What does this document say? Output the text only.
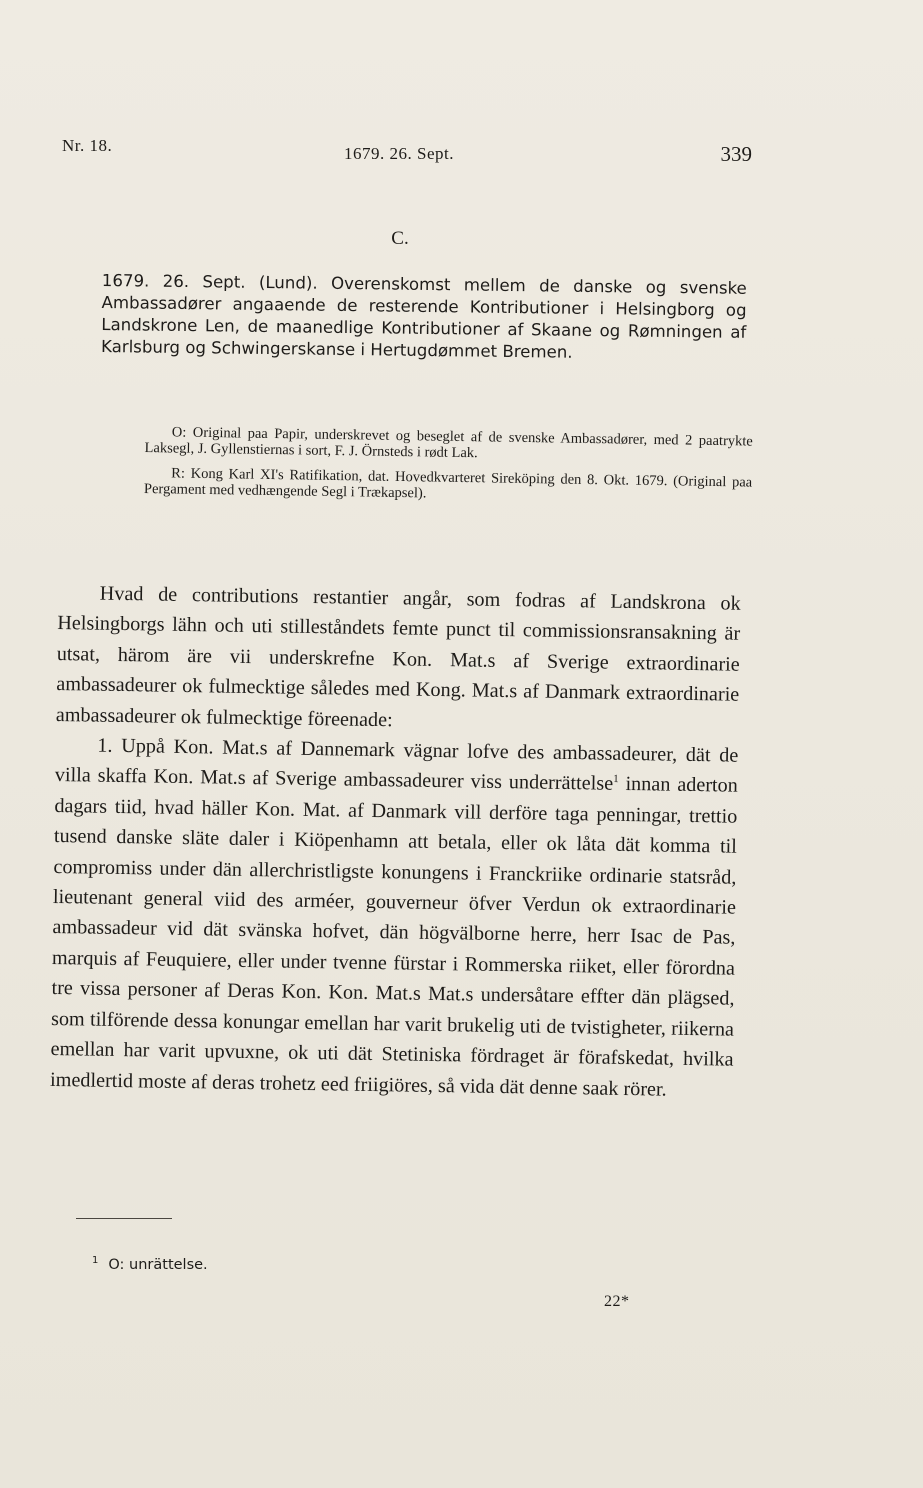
Nr. 18.	1679. 26. Sept.	339
C.

1679. 26. Sept. (Lund). Overenskomst mellem de danske og svenske Ambassadører angaaende de resterende Kontributioner i Helsingborg og Landskrone Len, de maanedlige Kontributioner af Skaane og Rømningen af Karlsburg og Schwingerskanse i Hertugdømmet Bremen.

O: Original paa Papir, underskrevet og beseglet af de svenske Ambassadører, med 2 paatrykte Laksegl, J. Gyllenstiernas i sort, F. J. Örnsteds i rødt Lak.

R: Kong Karl XI's Ratifikation, dat. Hovedkvarteret Sireköping den 8. Okt. 1679. (Original paa Pergament med vedhængende Segl i Trækapsel).

Hvad de contributions restantier angår, som fodras af Landskrona ok Helsingborgs lähn och uti stilleståndets femte punct til commissionsransakning är utsat, härom äre vii underskrefne Kon. Mat.s af Sverige extraordinarie ambassadeurer ok fulmecktige således med Kong. Mat.s af Danmark extraordinarie ambassadeurer ok fulmecktige föreenade:

1. Uppå Kon. Mat.s af Dannemark vägnar lofve des ambassadeurer, dät de villa skaffa Kon. Mat.s af Sverige ambassadeurer viss underrättelse$^1$ innan aderton dagars tiid, hvad häller Kon. Mat. af Danmark vill derföre taga penningar, trettio tusend danske släte daler i Kiöpenhamn att betala, eller ok låta dät komma til compromiss under dän allerchristligste konungens i Franckriike ordinarie statsråd, lieutenant general viid des arméer, gouverneur öfver Verdun ok extraordinarie ambassadeur vid dät svänska hofvet, dän högvälborne herre, herr Isac de Pas, marquis af Feuquiere, eller under tvenne fürstar i Rommerska riiket, eller förordna tre vissa personer af Deras Kon. Kon. Mat.s Mat.s undersåtare effter dän plägsed, som tilförende dessa konungar emellan har varit brukelig uti de tvistigheter, riikerna emellan har varit upvuxne, ok uti dät Stetiniska fördraget är förafskedat, hvilka imedlertid moste af deras trohetz eed friigiöres, så vida dät denne saak rörer.

$^1$ O: unrättelse.
22*
